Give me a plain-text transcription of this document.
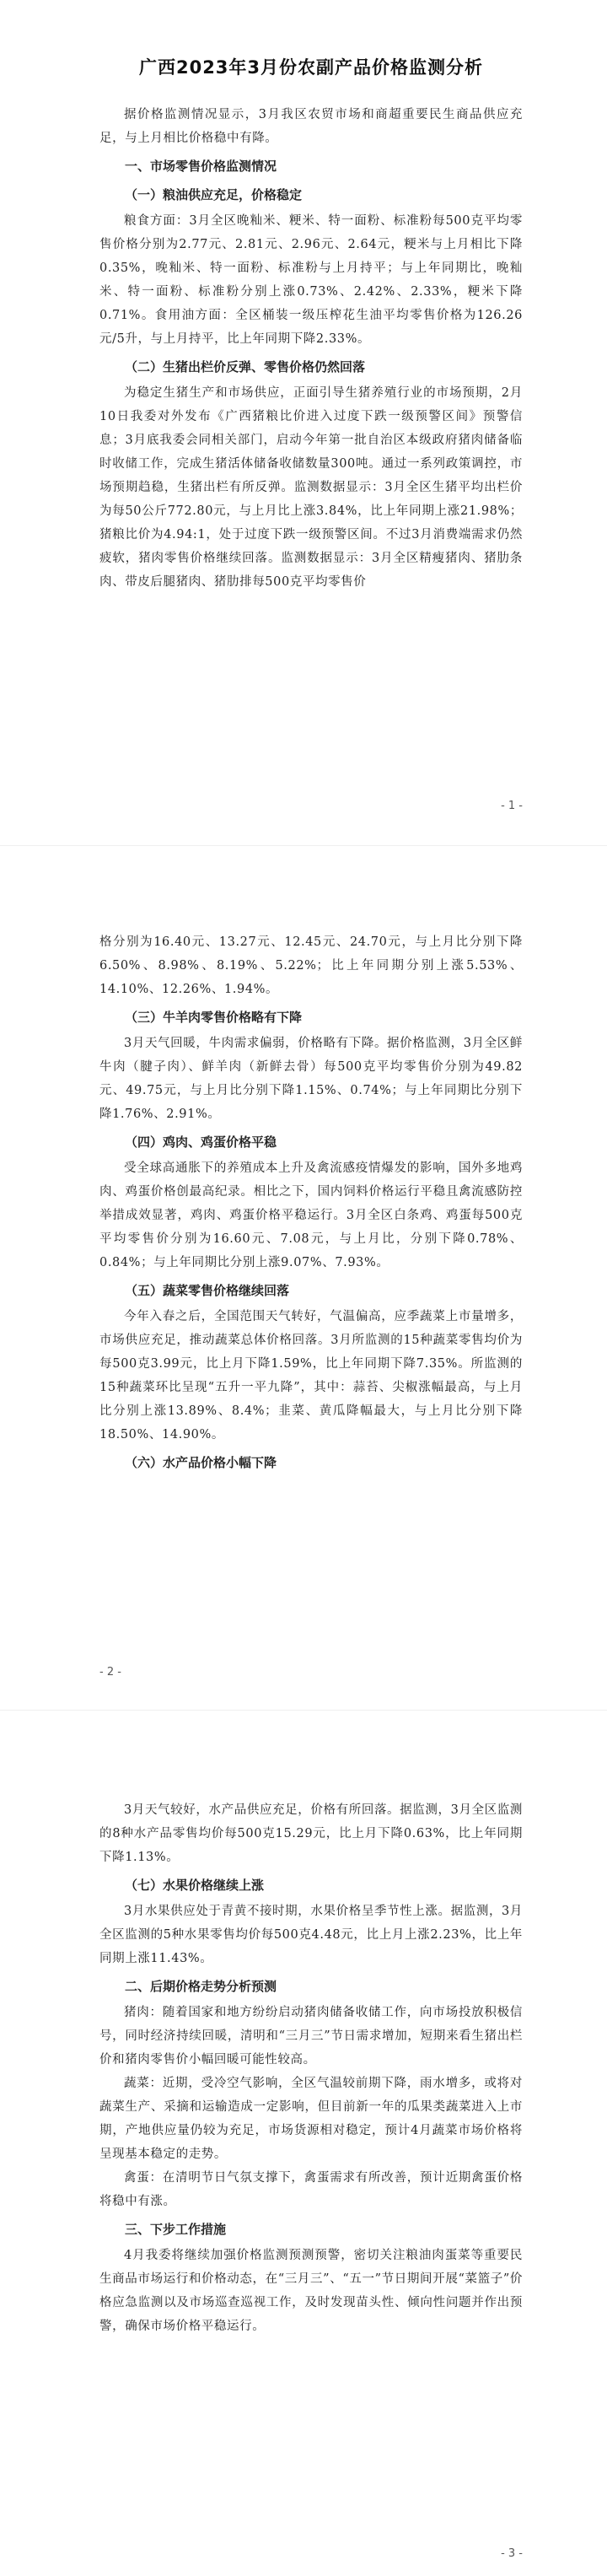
广西2023年3月份农副产品价格监测分析

据价格监测情况显示，3月我区农贸市场和商超重要民生商品供应充足，与上月相比价格稳中有降。

一、市场零售价格监测情况
（一）粮油供应充足，价格稳定

粮食方面：3月全区晚籼米、粳米、特一面粉、标准粉每500克平均零售价格分别为2.77元、2.81元、2.96元、2.64元，粳米与上月相比下降0.35%，晚籼米、特一面粉、标准粉与上月持平；与上年同期比，晚籼米、特一面粉、标准粉分别上涨0.73%、2.42%、2.33%，粳米下降0.71%。食用油方面：全区桶装一级压榨花生油平均零售价格为126.26元/5升，与上月持平，比上年同期下降2.33%。

（二）生猪出栏价反弹、零售价格仍然回落

为稳定生猪生产和市场供应，正面引导生猪养殖行业的市场预期，2月10日我委对外发布《广西猪粮比价进入过度下跌一级预警区间》预警信息；3月底我委会同相关部门，启动今年第一批自治区本级政府猪肉储备临时收储工作，完成生猪活体储备收储数量300吨。通过一系列政策调控，市场预期趋稳，生猪出栏有所反弹。监测数据显示：3月全区生猪平均出栏价为每50公斤772.80元，与上月比上涨3.84%，比上年同期上涨21.98%；猪粮比价为4.94:1，处于过度下跌一级预警区间。不过3月消费端需求仍然疲软，猪肉零售价格继续回落。监测数据显示：3月全区精瘦猪肉、猪肋条肉、带皮后腿猪肉、猪肋排每500克平均零售价

- 1 -

格分别为16.40元、13.27元、12.45元、24.70元，与上月比分别下降6.50%、8.98%、8.19%、5.22%；比上年同期分别上涨5.53%、14.10%、12.26%、1.94%。

（三）牛羊肉零售价格略有下降

3月天气回暖，牛肉需求偏弱，价格略有下降。据价格监测，3月全区鲜牛肉（腱子肉）、鲜羊肉（新鲜去骨）每500克平均零售价分别为49.82元、49.75元，与上月比分别下降1.15%、0.74%；与上年同期比分别下降1.76%、2.91%。

（四）鸡肉、鸡蛋价格平稳

受全球高通胀下的养殖成本上升及禽流感疫情爆发的影响，国外多地鸡肉、鸡蛋价格创最高纪录。相比之下，国内饲料价格运行平稳且禽流感防控举措成效显著，鸡肉、鸡蛋价格平稳运行。3月全区白条鸡、鸡蛋每500克平均零售价分别为16.60元、7.08元，与上月比，分别下降0.78%、0.84%；与上年同期比分别上涨9.07%、7.93%。

（五）蔬菜零售价格继续回落

今年入春之后，全国范围天气转好，气温偏高，应季蔬菜上市量增多，市场供应充足，推动蔬菜总体价格回落。3月所监测的15种蔬菜零售均价为每500克3.99元，比上月下降1.59%，比上年同期下降7.35%。所监测的15种蔬菜环比呈现“五升一平九降”，其中：蒜苔、尖椒涨幅最高，与上月比分别上涨13.89%、8.4%；韭菜、黄瓜降幅最大，与上月比分别下降18.50%、14.90%。

（六）水产品价格小幅下降
- 2 -

3月天气较好，水产品供应充足，价格有所回落。据监测，3月全区监测的8种水产品零售均价每500克15.29元，比上月下降0.63%，比上年同期下降1.13%。

（七）水果价格继续上涨

3月水果供应处于青黄不接时期，水果价格呈季节性上涨。据监测，3月全区监测的5种水果零售均价每500克4.48元，比上月上涨2.23%，比上年同期上涨11.43%。

二、后期价格走势分析预测

猪肉：随着国家和地方纷纷启动猪肉储备收储工作，向市场投放积极信号，同时经济持续回暖，清明和“三月三”节日需求增加，短期来看生猪出栏价和猪肉零售价小幅回暖可能性较高。

蔬菜：近期，受冷空气影响，全区气温较前期下降，雨水增多，或将对蔬菜生产、采摘和运输造成一定影响，但目前新一年的瓜果类蔬菜进入上市期，产地供应量仍较为充足，市场货源相对稳定，预计4月蔬菜市场价格将呈现基本稳定的走势。

禽蛋：在清明节日气氛支撑下，禽蛋需求有所改善，预计近期禽蛋价格将稳中有涨。

三、下步工作措施

4月我委将继续加强价格监测预测预警，密切关注粮油肉蛋菜等重要民生商品市场运行和价格动态，在“三月三”、“五一”节日期间开展“菜篮子”价格应急监测以及市场巡查巡视工作，及时发现苗头性、倾向性问题并作出预警，确保市场价格平稳运行。

- 3 -
